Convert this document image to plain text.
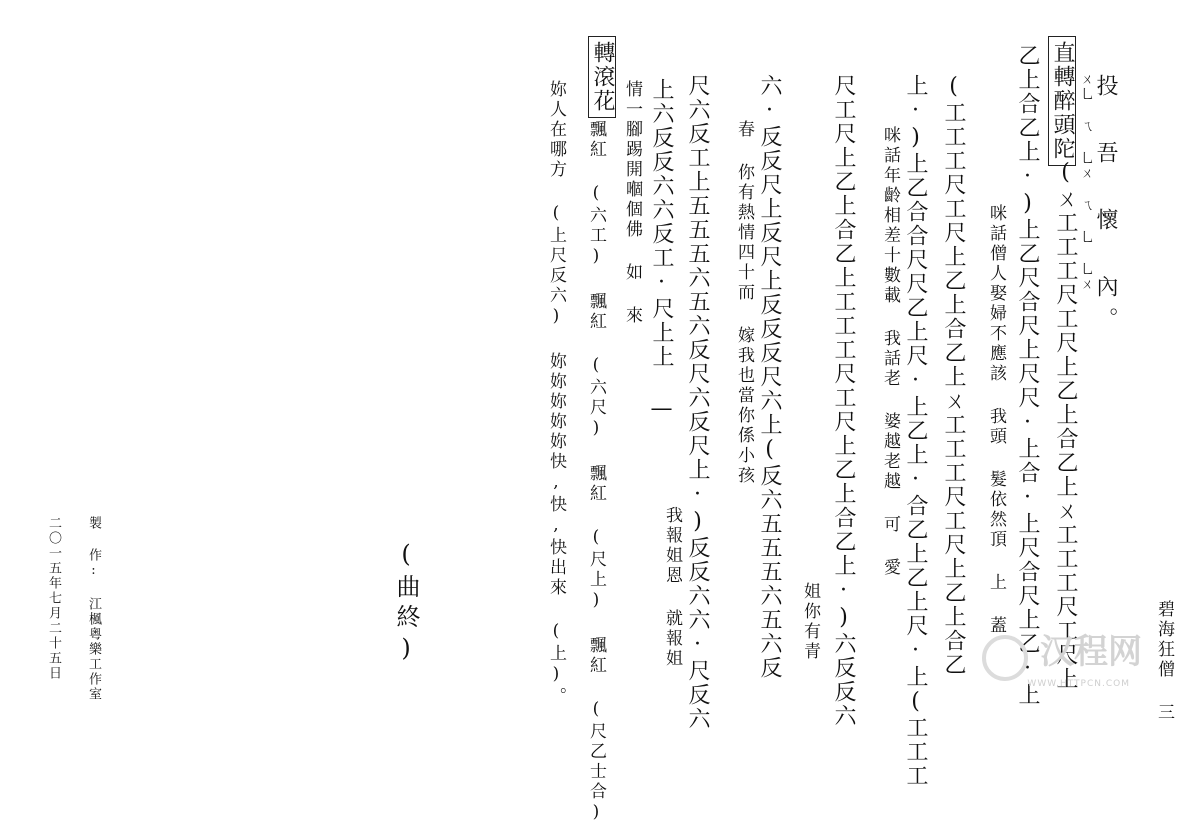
碧海狂僧 三
直轉醉頭陀 ㄨ乚 ㄟ 乚ㄨ ㄟ 乚 乚ㄨ 投 吾 懷 內。
(ㄨ工工工尺工尺上乙上合乙上ㄨ工工工尺工尺上
乙上合乙上·)上乙尺合尺上尺尺·上合·上尺合尺上乙·上
咪話僧人娶婦不應該 我頭 髮依然頂 上 蓋
(工工工尺工尺上乙上合乙上ㄨ工工工尺工尺上乙上合乙
上·)上乙合合尺尺乙上尺·上乙上·合乙上乙上尺·上(工工工
咪話年齡相差十數載 我話老 婆越老越 可 愛
尺工尺上乙上合乙上工工工尺工尺上乙上合乙上·)六反反六
姐你有青
六·反反尺上反尺上反反反尺六上(反六五五五六五六反
春 你有熱情四十而 嫁我也當你係小孩
尺六反工上五五五六五六反尺六反尺上·)反反六六·尺反六
我報姐恩 就報姐
轉滾花
上六反反六六反工·尺上上 —
情一腳踢開嗰個佛 如 來
飄紅 (六工) 飄紅 (六尺) 飄紅 (尺上) 飄紅 (尺乙士合)
妳人在哪方 (上尺反六) 妳妳妳妳妳快,快,快出來 (上)。
(曲終)
製 作: 江楓粵樂工作室
二〇一五年七月二十五日	汉程网
WWW.HTTPCN.COM
